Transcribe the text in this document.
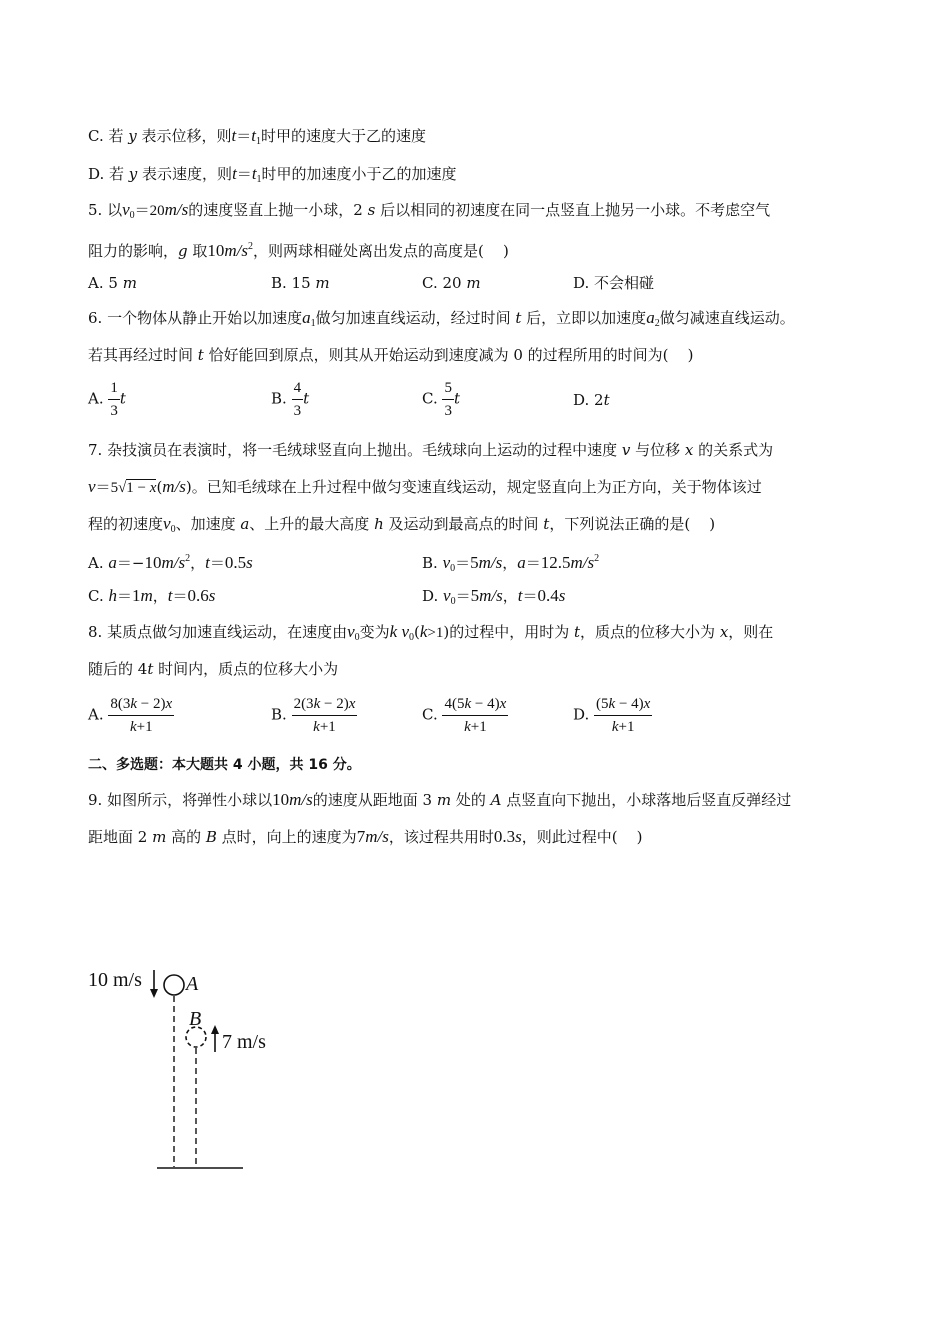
C. 若 y 表示位移，则$t=t_1$时甲的速度大于乙的速度
D. 若 y 表示速度，则$t=t_1$时甲的加速度小于乙的加速度
5. 以$v_0=20m/s$的速度竖直上抛一小球，2 s 后以相同的初速度在同一点竖直上抛另一小球。不考虑空气
阻力的影响，g 取$10m/s^2$，则两球相碰处离出发点的高度是(    )
A. 5 m	B. 15 m	C. 20 m	D. 不会相碰
6. 一个物体从静止开始以加速度$a_1$做匀加速直线运动，经过时间 t 后，立即以加速度$a_2$做匀减速直线运动。
若其再经过时间 t 恰好能回到原点，则其从开始运动到速度减为 0 的过程所用的时间为(    )
A. $\frac{1}{3}$ t	B. $\frac{4}{3}$ t	C. $\frac{5}{3}$ t	D. 2t
7. 杂技演员在表演时，将一毛绒球竖直向上抛出。毛绒球向上运动的过程中速度 v 与位移 x 的关系式为
v＝5√1 − x(m/s)。已知毛绒球在上升过程中做匀变速直线运动，规定竖直向上为正方向，关于物体该过
程的初速度$v_0$、加速度 a、上升的最大高度 h 及运动到最高点的时间 t，下列说法正确的是(    )
A. $a=-10m/s^2$，t＝0.5s	B. $v_0=5m/s$，$a=12.5m/s^2$
C. h＝1m，t＝0.6s	D. $v_0=5m/s$，t＝0.4s
8. 某质点做匀加速直线运动，在速度由$v_0$变为k $v_0(k>1)$的过程中，用时为 t，质点的位移大小为 x，则在
随后的 4t 时间内，质点的位移大小为
A. $\frac{8(3k - 2)x}{k+1}$	B. $\frac{2(3k - 2)x}{k+1}$	C. $\frac{4(5k - 4)x}{k+1}$	D. $\frac{(5k - 4)x}{k+1}$
二、多选题：本大题共 4 小题，共 16 分。
9. 如图所示，将弹性小球以10m/s的速度从距地面 3 m 处的 A 点竖直向下抛出，小球落地后竖直反弹经过
距地面 2 m 高的 B 点时，向上的速度为7m/s，该过程共用时0.3s，则此过程中(    )
10 m/s A
B
7 m/s
